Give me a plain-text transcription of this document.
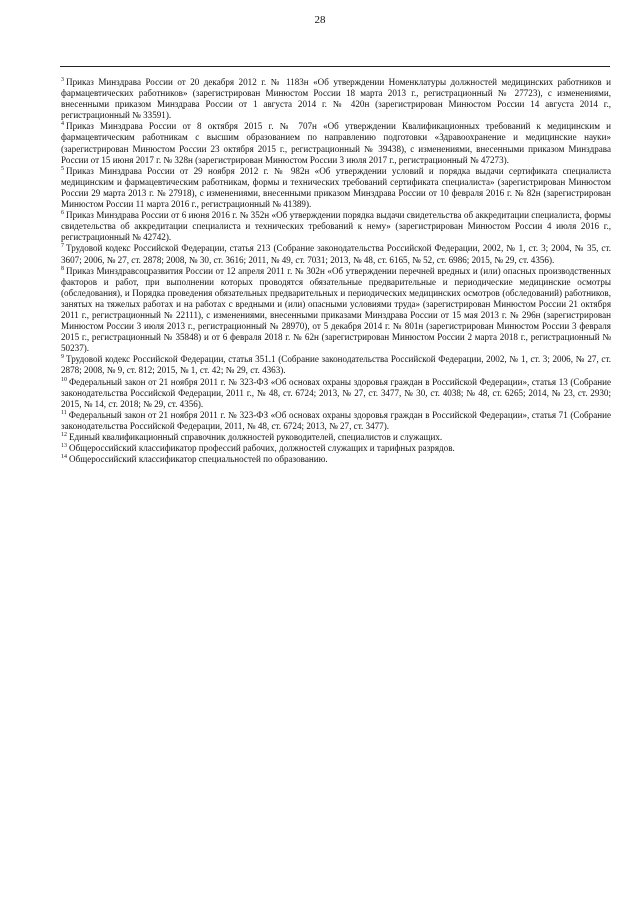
28

$^3$ Приказ Минздрава России от 20 декабря 2012 г. № 1183н «Об утверждении Номенклатуры должностей медицинских работников и фармацевтических работников» (зарегистрирован Минюстом России 18 марта 2013 г., регистрационный № 27723), с изменениями, внесенными приказом Минздрава России от 1 августа 2014 г. № 420н (зарегистрирован Минюстом России 14 августа 2014 г., регистрационный № 33591).

$^4$ Приказ Минздрава России от 8 октября 2015 г. № 707н «Об утверждении Квалификационных требований к медицинским и фармацевтическим работникам с высшим образованием по направлению подготовки «Здравоохранение и медицинские науки» (зарегистрирован Минюстом России 23 октября 2015 г., регистрационный № 39438), с изменениями, внесенными приказом Минздрава России от 15 июня 2017 г. № 328н (зарегистрирован Минюстом России 3 июля 2017 г., регистрационный № 47273).

$^5$ Приказ Минздрава России от 29 ноября 2012 г. № 982н «Об утверждении условий и порядка выдачи сертификата специалиста медицинским и фармацевтическим работникам, формы и технических требований сертификата специалиста» (зарегистрирован Минюстом России 29 марта 2013 г. № 27918), с изменениями, внесенными приказом Минздрава России от 10 февраля 2016 г. № 82н (зарегистрирован Минюстом России 11 марта 2016 г., регистрационный № 41389).

$^6$ Приказ Минздрава России от 6 июня 2016 г. № 352н «Об утверждении порядка выдачи свидетельства об аккредитации специалиста, формы свидетельства об аккредитации специалиста и технических требований к нему» (зарегистрирован Минюстом России 4 июля 2016 г., регистрационный № 42742).

$^7$ Трудовой кодекс Российской Федерации, статья 213 (Собрание законодательства Российской Федерации, 2002, № 1, ст. 3; 2004, № 35, ст. 3607; 2006, № 27, ст. 2878; 2008, № 30, ст. 3616; 2011, № 49, ст. 7031; 2013, № 48, ст. 6165, № 52, ст. 6986; 2015, № 29, ст. 4356).

$^8$ Приказ Минздравсоцразвития России от 12 апреля 2011 г. № 302н «Об утверждении перечней вредных и (или) опасных производственных факторов и работ, при выполнении которых проводятся обязательные предварительные и периодические медицинские осмотры (обследования), и Порядка проведения обязательных предварительных и периодических медицинских осмотров (обследований) работников, занятых на тяжелых работах и на работах с вредными и (или) опасными условиями труда» (зарегистрирован Минюстом России 21 октября 2011 г., регистрационный № 22111), с изменениями, внесенными приказами Минздрава России от 15 мая 2013 г. № 296н (зарегистрирован Минюстом России 3 июля 2013 г., регистрационный № 28970), от 5 декабря 2014 г. № 801н (зарегистрирован Минюстом России 3 февраля 2015 г., регистрационный № 35848) и от 6 февраля 2018 г. № 62н (зарегистрирован Минюстом России 2 марта 2018 г., регистрационный № 50237).

$^9$ Трудовой кодекс Российской Федерации, статья 351.1 (Собрание законодательства Российской Федерации, 2002, № 1, ст. 3; 2006, № 27, ст. 2878; 2008, № 9, ст. 812; 2015, № 1, ст. 42; № 29, ст. 4363).

$^{10}$ Федеральный закон от 21 ноября 2011 г. № 323-ФЗ «Об основах охраны здоровья граждан в Российской Федерации», статья 13 (Собрание законодательства Российской Федерации, 2011 г., № 48, ст. 6724; 2013, № 27, ст. 3477, № 30, ст. 4038; № 48, ст. 6265; 2014, № 23, ст. 2930; 2015, № 14, ст. 2018; № 29, ст. 4356).

$^{11}$ Федеральный закон от 21 ноября 2011 г. № 323-ФЗ «Об основах охраны здоровья граждан в Российской Федерации», статья 71 (Собрание законодательства Российской Федерации, 2011, № 48, ст. 6724; 2013, № 27, ст. 3477).

$^{12}$ Единый квалификационный справочник должностей руководителей, специалистов и служащих.

$^{13}$ Общероссийский классификатор профессий рабочих, должностей служащих и тарифных разрядов.

$^{14}$ Общероссийский классификатор специальностей по образованию.
